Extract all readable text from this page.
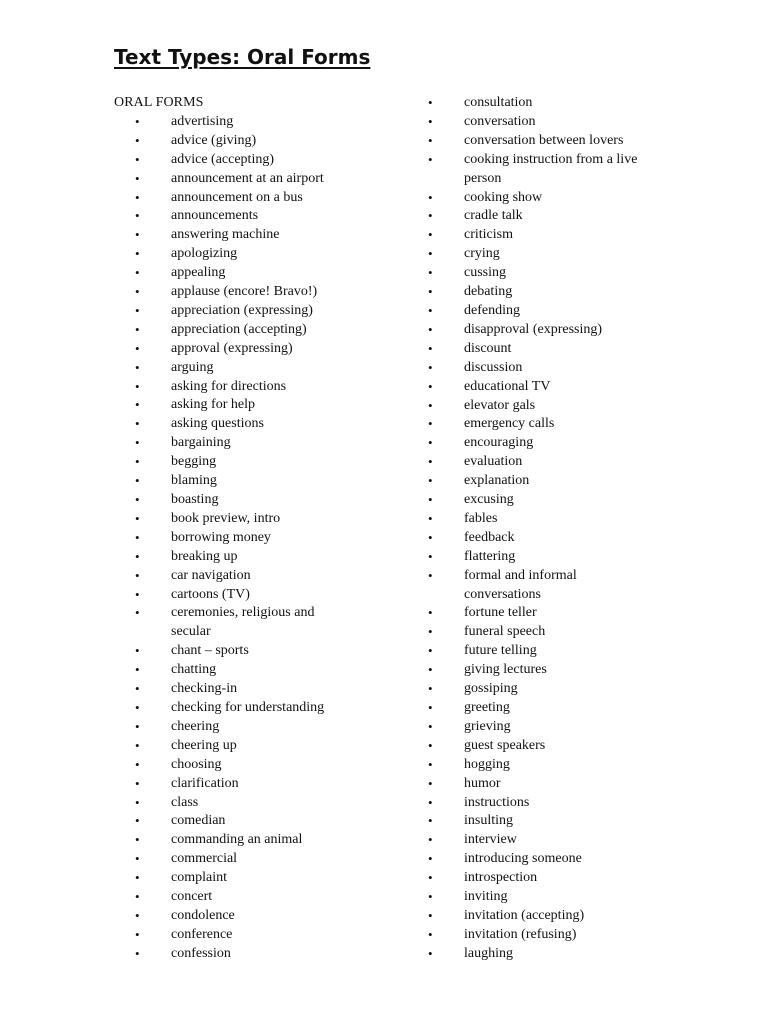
Text Types: Oral Forms
ORAL FORMS
• advertising
• advice (giving)
• advice (accepting)
• announcement at an airport
• announcement on a bus
• announcements
• answering machine
• apologizing
• appealing
• applause (encore! Bravo!)
• appreciation (expressing)
• appreciation (accepting)
• approval (expressing)
• arguing
• asking for directions
• asking for help
• asking questions
• bargaining
• begging
• blaming
• boasting
• book preview, intro
• borrowing money
• breaking up
• car navigation
• cartoons (TV)
• ceremonies, religious and
secular
• chant – sports
• chatting
• checking-in
• checking for understanding
• cheering
• cheering up
• choosing
• clarification
• class
• comedian
• commanding an animal
• commercial
• complaint
• concert
• condolence
• conference
• confession
• consultation
• conversation
• conversation between lovers
• cooking instruction from a live
person
• cooking show
• cradle talk
• criticism
• crying
• cussing
• debating
• defending
• disapproval (expressing)
• discount
• discussion
• educational TV
• elevator gals
• emergency calls
• encouraging
• evaluation
• explanation
• excusing
• fables
• feedback
• flattering
• formal and informal
conversations
• fortune teller
• funeral speech
• future telling
• giving lectures
• gossiping
• greeting
• grieving
• guest speakers
• hogging
• humor
• instructions
• insulting
• interview
• introducing someone
• introspection
• inviting
• invitation (accepting)
• invitation (refusing)
• laughing
